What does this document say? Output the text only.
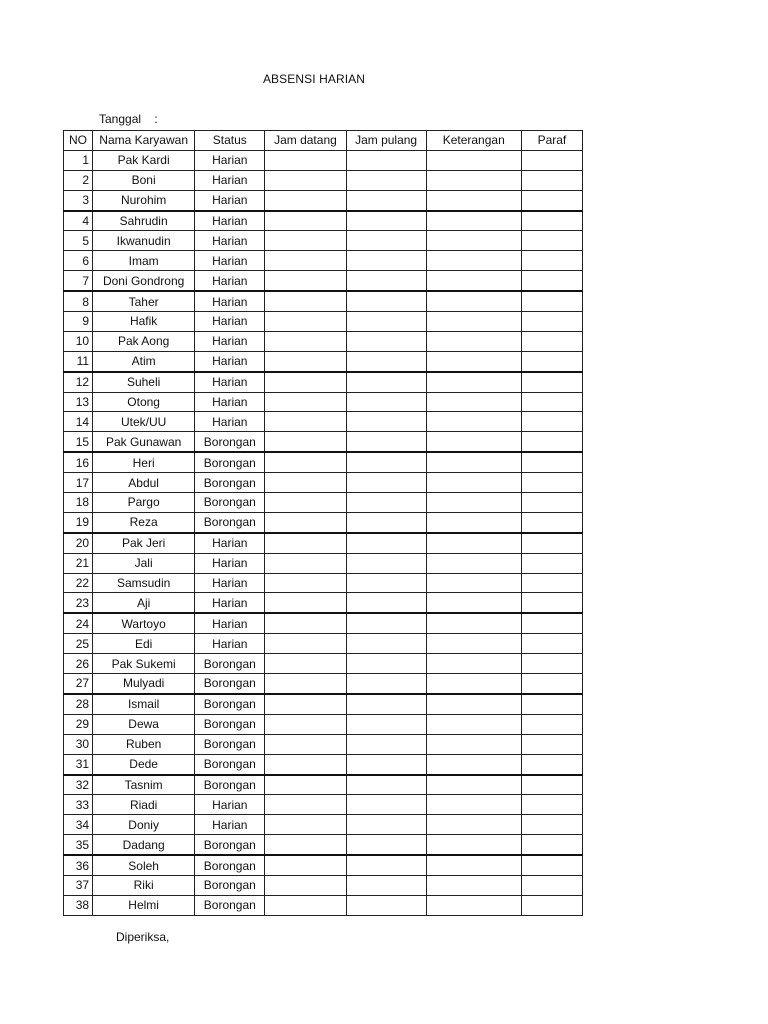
ABSENSI HARIAN
Tanggal :
NO	Nama Karyawan	Status	Jam datang	Jam pulang	Keterangan	Paraf
1	Pak Kardi	Harian				
2	Boni	Harian				
3	Nurohim	Harian				
4	Sahrudin	Harian				
5	Ikwanudin	Harian				
6	Imam	Harian				
7	Doni Gondrong	Harian				
8	Taher	Harian				
9	Hafik	Harian				
10	Pak Aong	Harian				
11	Atim	Harian				
12	Suheli	Harian				
13	Otong	Harian				
14	Utek/UU	Harian				
15	Pak Gunawan	Borongan				
16	Heri	Borongan				
17	Abdul	Borongan				
18	Pargo	Borongan				
19	Reza	Borongan				
20	Pak Jeri	Harian				
21	Jali	Harian				
22	Samsudin	Harian				
23	Aji	Harian				
24	Wartoyo	Harian				
25	Edi	Harian				
26	Pak Sukemi	Borongan				
27	Mulyadi	Borongan				
28	Ismail	Borongan				
29	Dewa	Borongan				
30	Ruben	Borongan				
31	Dede	Borongan				
32	Tasnim	Borongan				
33	Riadi	Harian				
34	Doniy	Harian				
35	Dadang	Borongan				
36	Soleh	Borongan				
37	Riki	Borongan				
38	Helmi	Borongan				
Diperiksa,
